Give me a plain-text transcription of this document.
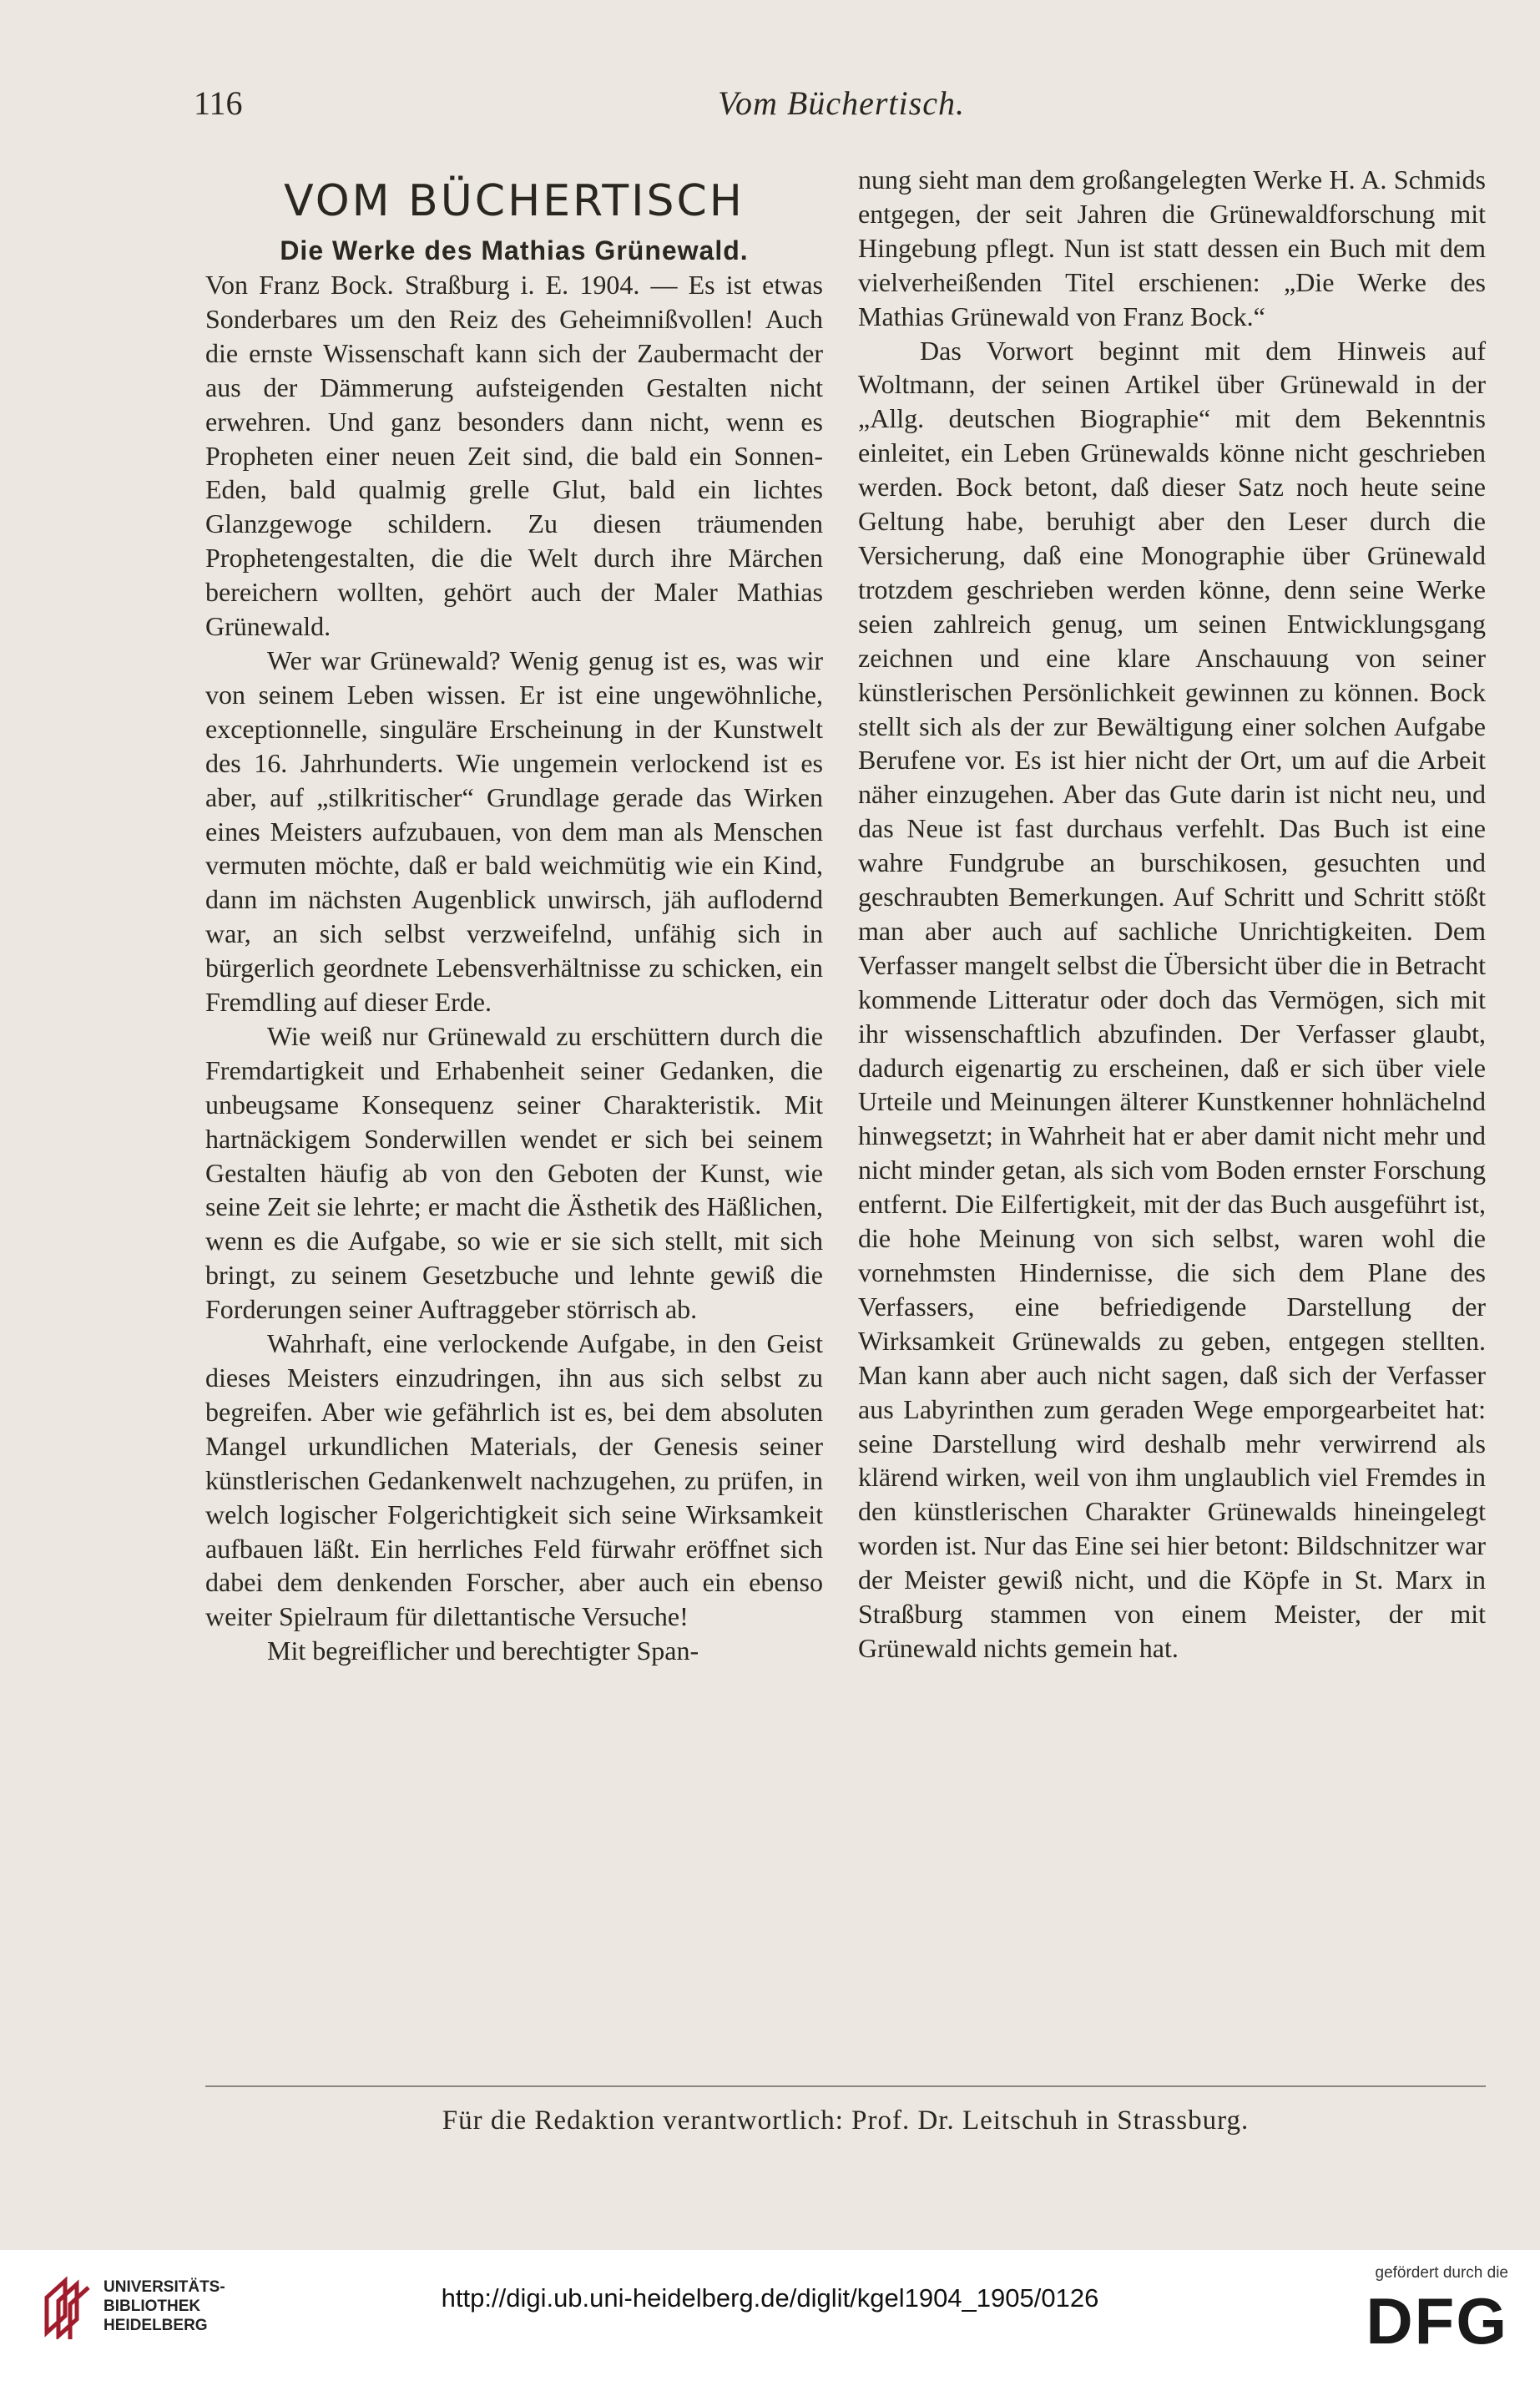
116	Vom Büchertisch.
VOM BÜCHERTISCH
Die Werke des Mathias Grünewald.

Von Franz Bock. Straßburg i. E. 1904. — Es ist etwas Sonderbares um den Reiz des Geheimnißvollen! Auch die ernste Wissenschaft kann sich der Zaubermacht der aus der Dämmerung aufsteigenden Gestalten nicht erwehren. Und ganz besonders dann nicht, wenn es Propheten einer neuen Zeit sind, die bald ein Sonnen-Eden, bald qualmig grelle Glut, bald ein lichtes Glanzgewoge schildern. Zu diesen träumenden Prophetengestalten, die die Welt durch ihre Märchen bereichern wollten, gehört auch der Maler Mathias Grünewald.

Wer war Grünewald? Wenig genug ist es, was wir von seinem Leben wissen. Er ist eine ungewöhnliche, exceptionnelle, singuläre Erscheinung in der Kunstwelt des 16. Jahrhunderts. Wie ungemein verlockend ist es aber, auf „stilkritischer“ Grundlage gerade das Wirken eines Meisters aufzubauen, von dem man als Menschen vermuten möchte, daß er bald weichmütig wie ein Kind, dann im nächsten Augenblick unwirsch, jäh auflodernd war, an sich selbst verzweifelnd, unfähig sich in bürgerlich geordnete Lebensverhältnisse zu schicken, ein Fremdling auf dieser Erde.

Wie weiß nur Grünewald zu erschüttern durch die Fremdartigkeit und Erhabenheit seiner Gedanken, die unbeugsame Konsequenz seiner Charakteristik. Mit hartnäckigem Sonderwillen wendet er sich bei seinem Gestalten häufig ab von den Geboten der Kunst, wie seine Zeit sie lehrte; er macht die Ästhetik des Häßlichen, wenn es die Aufgabe, so wie er sie sich stellt, mit sich bringt, zu seinem Gesetzbuche und lehnte gewiß die Forderungen seiner Auftraggeber störrisch ab.

Wahrhaft, eine verlockende Aufgabe, in den Geist dieses Meisters einzudringen, ihn aus sich selbst zu begreifen. Aber wie gefährlich ist es, bei dem absoluten Mangel urkundlichen Materials, der Genesis seiner künstlerischen Gedankenwelt nachzugehen, zu prüfen, in welch logischer Folgerichtigkeit sich seine Wirksamkeit aufbauen läßt. Ein herrliches Feld fürwahr eröffnet sich dabei dem denkenden Forscher, aber auch ein ebenso weiter Spielraum für dilettantische Versuche!

Mit begreiflicher und berechtigter Span-

nung sieht man dem großangelegten Werke H. A. Schmids entgegen, der seit Jahren die Grünewaldforschung mit Hingebung pflegt. Nun ist statt dessen ein Buch mit dem vielverheißenden Titel erschienen: „Die Werke des Mathias Grünewald von Franz Bock.“

Das Vorwort beginnt mit dem Hinweis auf Woltmann, der seinen Artikel über Grünewald in der „Allg. deutschen Biographie“ mit dem Bekenntnis einleitet, ein Leben Grünewalds könne nicht geschrieben werden. Bock betont, daß dieser Satz noch heute seine Geltung habe, beruhigt aber den Leser durch die Versicherung, daß eine Monographie über Grünewald trotzdem geschrieben werden könne, denn seine Werke seien zahlreich genug, um seinen Entwicklungsgang zeichnen und eine klare Anschauung von seiner künstlerischen Persönlichkeit gewinnen zu können. Bock stellt sich als der zur Bewältigung einer solchen Aufgabe Berufene vor. Es ist hier nicht der Ort, um auf die Arbeit näher einzugehen. Aber das Gute darin ist nicht neu, und das Neue ist fast durchaus verfehlt. Das Buch ist eine wahre Fundgrube an burschikosen, gesuchten und geschraubten Bemerkungen. Auf Schritt und Schritt stößt man aber auch auf sachliche Unrichtigkeiten. Dem Verfasser mangelt selbst die Übersicht über die in Betracht kommende Litteratur oder doch das Vermögen, sich mit ihr wissenschaftlich abzufinden. Der Verfasser glaubt, dadurch eigenartig zu erscheinen, daß er sich über viele Urteile und Meinungen älterer Kunstkenner hohnlächelnd hinwegsetzt; in Wahrheit hat er aber damit nicht mehr und nicht minder getan, als sich vom Boden ernster Forschung entfernt. Die Eilfertigkeit, mit der das Buch ausgeführt ist, die hohe Meinung von sich selbst, waren wohl die vornehmsten Hindernisse, die sich dem Plane des Verfassers, eine befriedigende Darstellung der Wirksamkeit Grünewalds zu geben, entgegen stellten. Man kann aber auch nicht sagen, daß sich der Verfasser aus Labyrinthen zum geraden Wege emporgearbeitet hat: seine Darstellung wird deshalb mehr verwirrend als klärend wirken, weil von ihm unglaublich viel Fremdes in den künstlerischen Charakter Grünewalds hineingelegt worden ist. Nur das Eine sei hier betont: Bildschnitzer war der Meister gewiß nicht, und die Köpfe in St. Marx in Straßburg stammen von einem Meister, der mit Grünewald nichts gemein hat.

Für die Redaktion verantwortlich: Prof. Dr. Leitschuh in Strassburg.
UNIVERSITÄTS-
BIBLIOTHEK
HEIDELBERG
http://digi.ub.uni-heidelberg.de/diglit/kgel1904_1905/0126
gefördert durch die
DFG
